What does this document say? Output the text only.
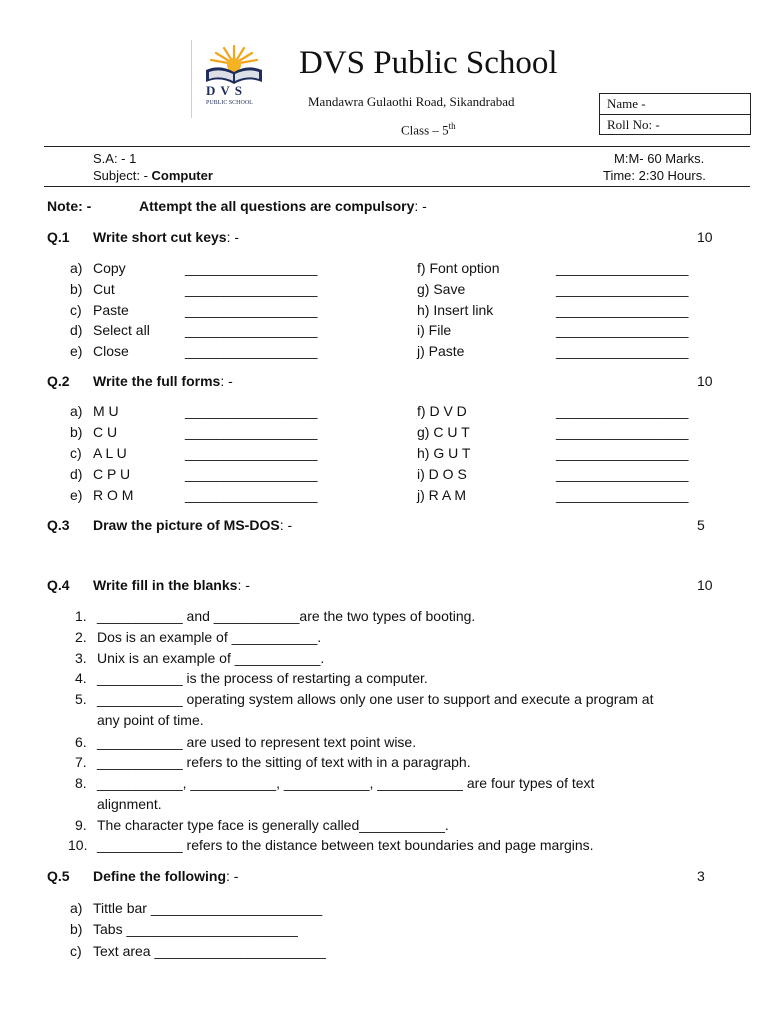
D V S
PUBLIC SCHOOL
DVS Public School
Mandawra Gulaothi Road, Sikandrabad
Class – 5th
Name -
Roll No: -
S.A: - 1
Subject: - Computer
M:M- 60 Marks.
Time: 2:30 Hours.
Note: -	Attempt the all questions are compulsory: -
Q.1 Write short cut keys: -	10
a) Copy	_________________
b) Cut	_________________
c) Paste	_________________
d) Select all	_________________
e) Close	_________________
f) Font option	_________________
g) Save	_________________
h) Insert link	_________________
i) File	_________________
j) Paste	_________________
Q.2 Write the full forms: -	10
a) M U	_________________
b) C U	_________________
c) A L U	_________________
d) C P U	_________________
e) R O M	_________________
f) D V D	_________________
g) C U T	_________________
h) G U T	_________________
i) D O S	_________________
j) R A M	_________________
Q.3 Draw the picture of MS-DOS: -	5
Q.4 Write fill in the blanks: -	10
1. ___________ and ___________are the two types of booting.
2. Dos is an example of ___________.
3. Unix is an example of ___________.
4. ___________ is the process of restarting a computer.
5. ___________ operating system allows only one user to support and execute a program at
any point of time.
6. ___________ are used to represent text point wise.
7. ___________ refers to the sitting of text with in a paragraph.
8. ___________, ___________, ___________, ___________ are four types of text
alignment.
9. The character type face is generally called___________.
10. ___________ refers to the distance between text boundaries and page margins.
Q.5 Define the following: -	3
a) Tittle bar ______________________
b) Tabs ______________________
c) Text area ______________________
